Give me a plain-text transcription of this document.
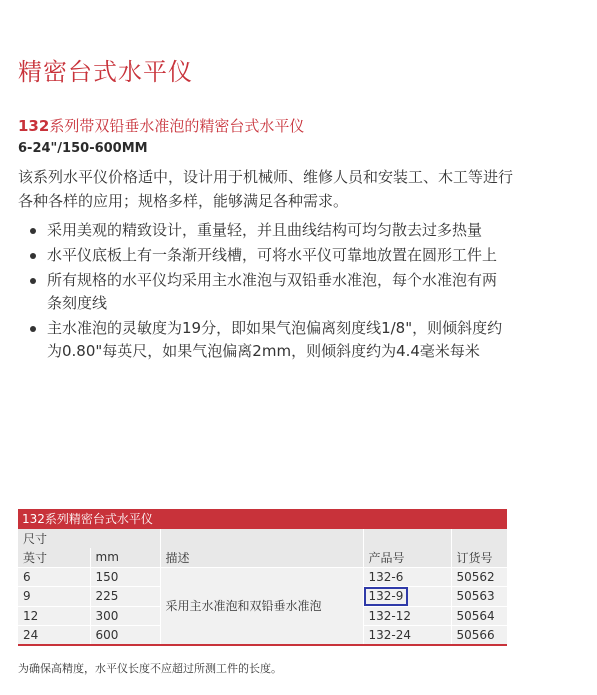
精密台式水平仪
132系列带双铅垂水准泡的精密台式水平仪
6-24"/150-600MM
该系列水平仪价格适中，设计用于机械师、维修人员和安装工、木工等进行各种各样的应用；规格多样，能够满足各种需求。
采用美观的精致设计，重量轻，并且曲线结构可均匀散去过多热量
水平仪底板上有一条渐开线槽，可将水平仪可靠地放置在圆形工件上
所有规格的水平仪均采用主水准泡与双铅垂水准泡，每个水准泡有两条刻度线
主水准泡的灵敏度为19分，即如果气泡偏离刻度线1/8"，则倾斜度约为0.80"每英尺，如果气泡偏离2mm，则倾斜度约为4.4毫米每米
132系列精密台式水平仪
尺寸				
英寸	mm	描述	产品号	订货号
6	150	采用主水准泡和双铅垂水准泡	132-6	50562
9	225		132-9	50563
12	300		132-12	50564
24	600		132-24	50566
为确保高精度，水平仪长度不应超过所测工件的长度。
